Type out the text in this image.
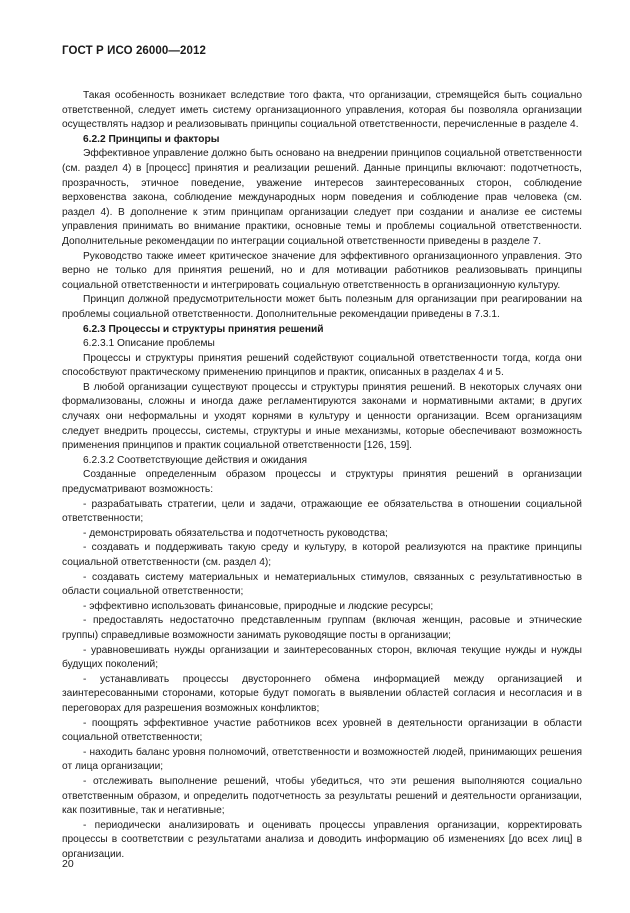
ГОСТ Р ИСО 26000—2012

Такая особенность возникает вследствие того факта, что организации, стремящейся быть социально ответственной, следует иметь систему организационного управления, которая бы позволяла организации осуществлять надзор и реализовывать принципы социальной ответственности, перечисленные в разделе 4.

6.2.2 Принципы и факторы

Эффективное управление должно быть основано на внедрении принципов социальной ответственности (см. раздел 4) в [процесс] принятия и реализации решений. Данные принципы включают: подотчетность, прозрачность, этичное поведение, уважение интересов заинтересованных сторон, соблюдение верховенства закона, соблюдение международных норм поведения и соблюдение прав человека (см. раздел 4). В дополнение к этим принципам организации следует при создании и анализе ее системы управления принимать во внимание практики, основные темы и проблемы социальной ответственности. Дополнительные рекомендации по интеграции социальной ответственности приведены в разделе 7.

Руководство также имеет критическое значение для эффективного организационного управления. Это верно не только для принятия решений, но и для мотивации работников реализовывать принципы социальной ответственности и интегрировать социальную ответственность в организационную культуру.

Принцип должной предусмотрительности может быть полезным для организации при реагировании на проблемы социальной ответственности. Дополнительные рекомендации приведены в 7.3.1.

6.2.3 Процессы и структуры принятия решений

6.2.3.1 Описание проблемы

Процессы и структуры принятия решений содействуют социальной ответственности тогда, когда они способствуют практическому применению принципов и практик, описанных в разделах 4 и 5.

В любой организации существуют процессы и структуры принятия решений. В некоторых случаях они формализованы, сложны и иногда даже регламентируются законами и нормативными актами; в других случаях они неформальны и уходят корнями в культуру и ценности организации. Всем организациям следует внедрить процессы, системы, структуры и иные механизмы, которые обеспечивают возможность применения принципов и практик социальной ответственности [126, 159].

6.2.3.2 Соответствующие действия и ожидания

Созданные определенным образом процессы и структуры принятия решений в организации предусматривают возможность:

- разрабатывать стратегии, цели и задачи, отражающие ее обязательства в отношении социальной ответственности;

- демонстрировать обязательства и подотчетность руководства;

- создавать и поддерживать такую среду и культуру, в которой реализуются на практике принципы социальной ответственности (см. раздел 4);

- создавать систему материальных и нематериальных стимулов, связанных с результативностью в области социальной ответственности;

- эффективно использовать финансовые, природные и людские ресурсы;

- предоставлять недостаточно представленным группам (включая женщин, расовые и этнические группы) справедливые возможности занимать руководящие посты в организации;

- уравновешивать нужды организации и заинтересованных сторон, включая текущие нужды и нужды будущих поколений;

- устанавливать процессы двустороннего обмена информацией между организацией и заинтересованными сторонами, которые будут помогать в выявлении областей согласия и несогласия и в переговорах для разрешения возможных конфликтов;

- поощрять эффективное участие работников всех уровней в деятельности организации в области социальной ответственности;

- находить баланс уровня полномочий, ответственности и возможностей людей, принимающих решения от лица организации;

- отслеживать выполнение решений, чтобы убедиться, что эти решения выполняются социально ответственным образом, и определить подотчетность за результаты решений и деятельности организации, как позитивные, так и негативные;

- периодически анализировать и оценивать процессы управления организации, корректировать процессы в соответствии с результатами анализа и доводить информацию об изменениях [до всех лиц] в организации.

20
